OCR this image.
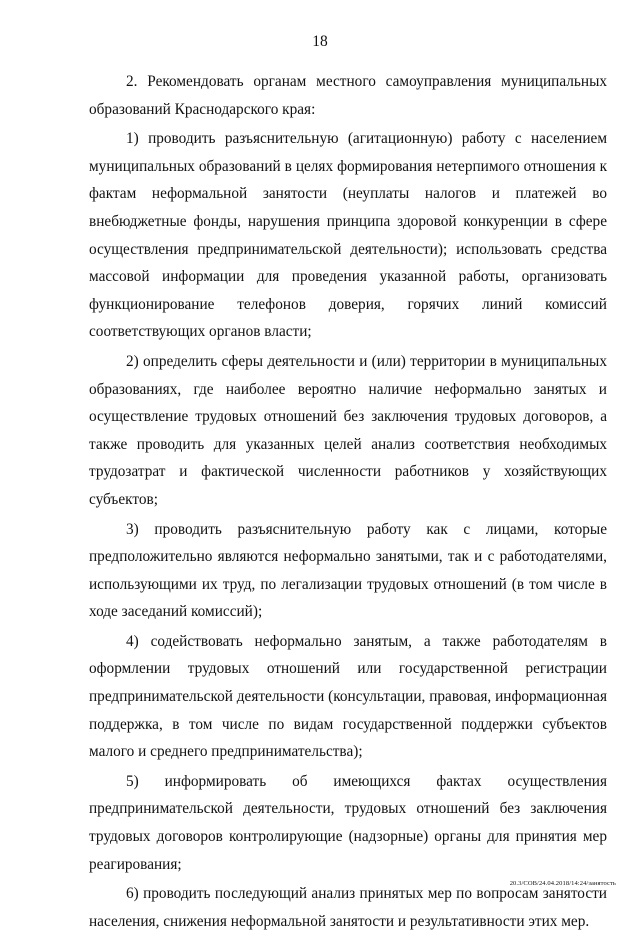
18

2. Рекомендовать органам местного самоуправления муниципальных образований Краснодарского края:

1) проводить разъяснительную (агитационную) работу с населением муниципальных образований в целях формирования нетерпимого отношения к фактам неформальной занятости (неуплаты налогов и платежей во внебюджетные фонды, нарушения принципа здоровой конкуренции в сфере осуществления предпринимательской деятельности); использовать средства массовой информации для проведения указанной работы, организовать функционирование телефонов доверия, горячих линий комиссий соответствующих органов власти;

2) определить сферы деятельности и (или) территории в муниципальных образованиях, где наиболее вероятно наличие неформально занятых и осуществление трудовых отношений без заключения трудовых договоров, а также проводить для указанных целей анализ соответствия необходимых трудозатрат и фактической численности работников у хозяйствующих субъектов;

3) проводить разъяснительную работу как с лицами, которые предположительно являются неформально занятыми, так и с работодателями, использующими их труд, по легализации трудовых отношений (в том числе в ходе заседаний комиссий);

4) содействовать неформально занятым, а также работодателям в оформлении трудовых отношений или государственной регистрации предпринимательской деятельности (консультации, правовая, информационная поддержка, в том числе по видам государственной поддержки субъектов малого и среднего предпринимательства);

5) информировать об имеющихся фактах осуществления предпринимательской деятельности, трудовых отношений без заключения трудовых договоров контролирующие (надзорные) органы для принятия мер реагирования;

6) проводить последующий анализ принятых мер по вопросам занятости населения, снижения неформальной занятости и результативности этих мер.

20.3/СОВ/24.04.2018/14:24/занятость
